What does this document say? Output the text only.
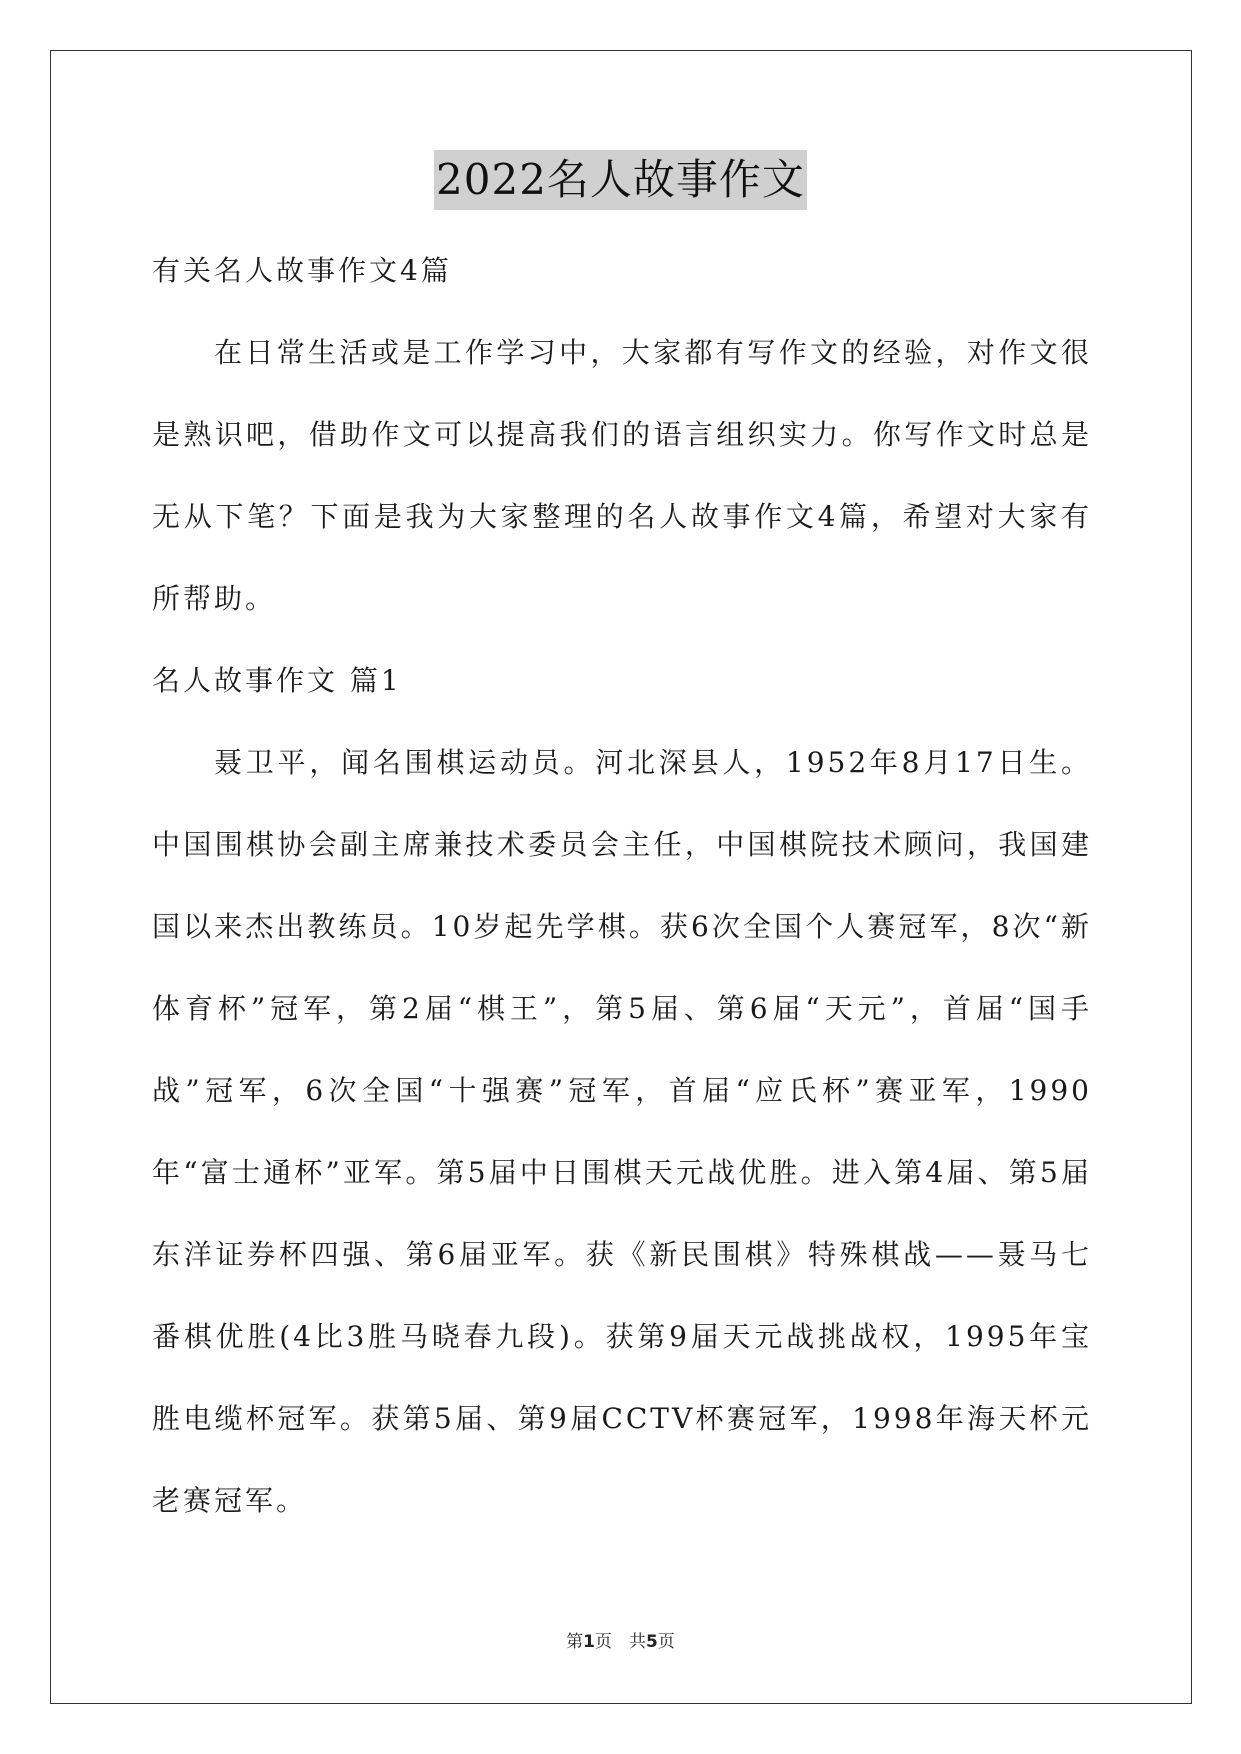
2022名人故事作文

有关名人故事作文4篇

在日常生活或是工作学习中，大家都有写作文的经验，对作文很是熟识吧，借助作文可以提高我们的语言组织实力。你写作文时总是无从下笔？下面是我为大家整理的名人故事作文4篇，希望对大家有所帮助。

名人故事作文 篇1

聂卫平，闻名围棋运动员。河北深县人，1952年8月17日生。中国围棋协会副主席兼技术委员会主任，中国棋院技术顾问，我国建国以来杰出教练员。10岁起先学棋。获6次全国个人赛冠军，8次“新体育杯”冠军，第2届“棋王”，第5届、第6届“天元”，首届“国手战”冠军，6次全国“十强赛”冠军，首届“应氏杯”赛亚军，1990年“富士通杯”亚军。第5届中日围棋天元战优胜。进入第4届、第5届东洋证券杯四强、第6届亚军。获《新民围棋》特殊棋战——聂马七番棋优胜(4比3胜马晓春九段)。获第9届天元战挑战权，1995年宝胜电缆杯冠军。获第5届、第9届CCTV杯赛冠军，1998年海天杯元老赛冠军。

第1页　共5页
